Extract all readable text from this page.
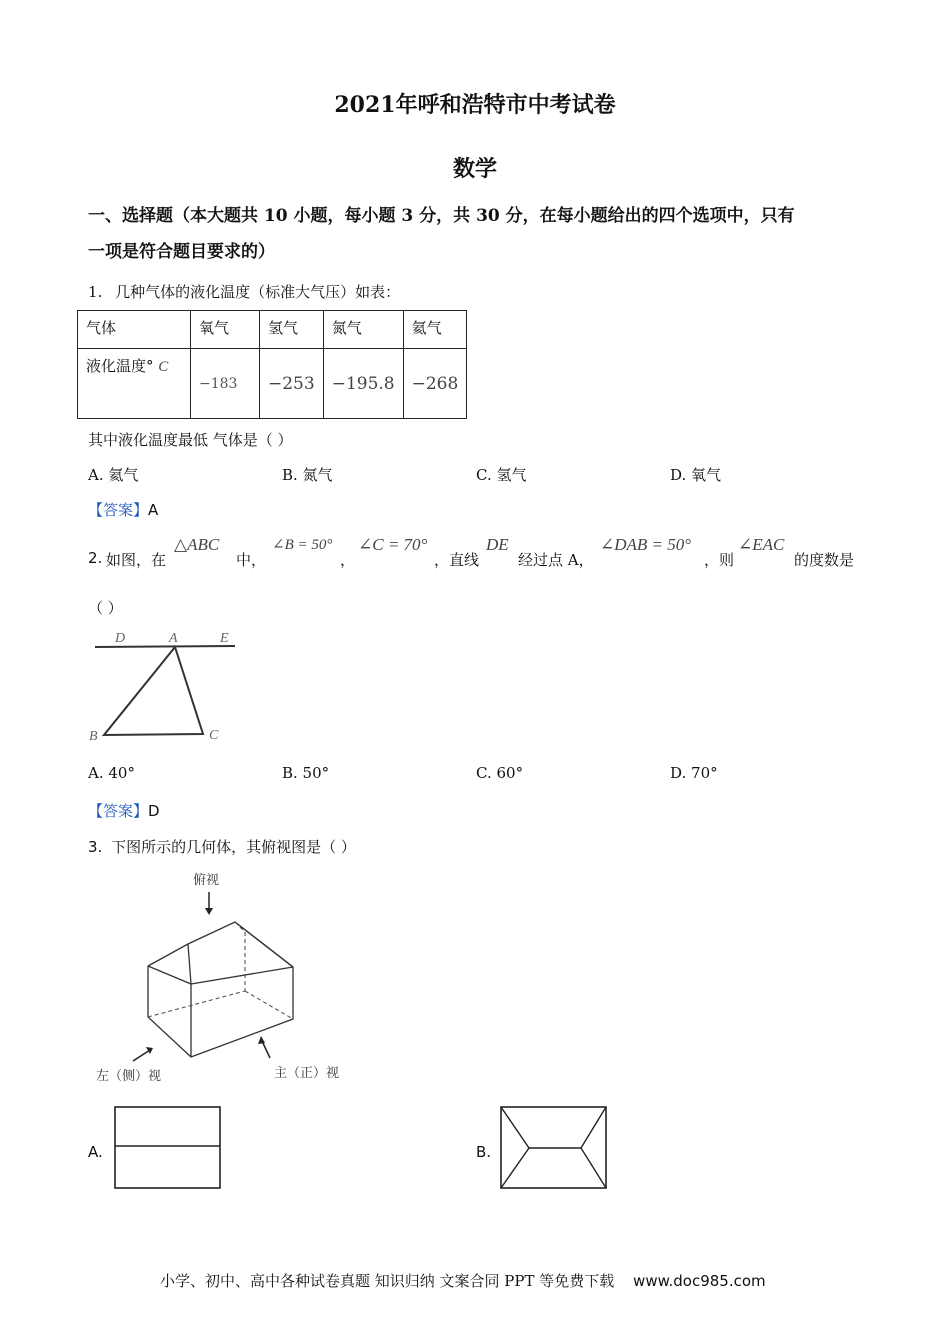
2021年呼和浩特市中考试卷
数学
一、选择题（本大题共 10 小题，每小题 3 分，共 30 分，在每小题给出的四个选项中，只有
一项是符合题目要求的）
1. 几种气体的液化温度（标准大气压）如表：
气体	氧气	氢气	氮气	氦气
液化温度° C	−183	−253	−195.8	−268
其中液化温度最低 气体是（ ）
A. 氦气	B. 氮气	C. 氢气	D. 氧气
【答案】A
2. 如图，在
△ABC
中，
∠B = 50°
，
∠C = 70°
，直线
DE
经过点 A，
∠DAB = 50°
，则
∠EAC
的度数是
（ ）
D	A	E
B	C
A. 40°	B. 50°	C. 60°	D. 70°
【答案】D
3. 下图所示的几何体，其俯视图是（ ）
俯视
左（侧）视	主（正）视
A.	B.
小学、初中、高中各种试卷真题 知识归纳 文案合同 PPT 等免费下载 www.doc985.com
